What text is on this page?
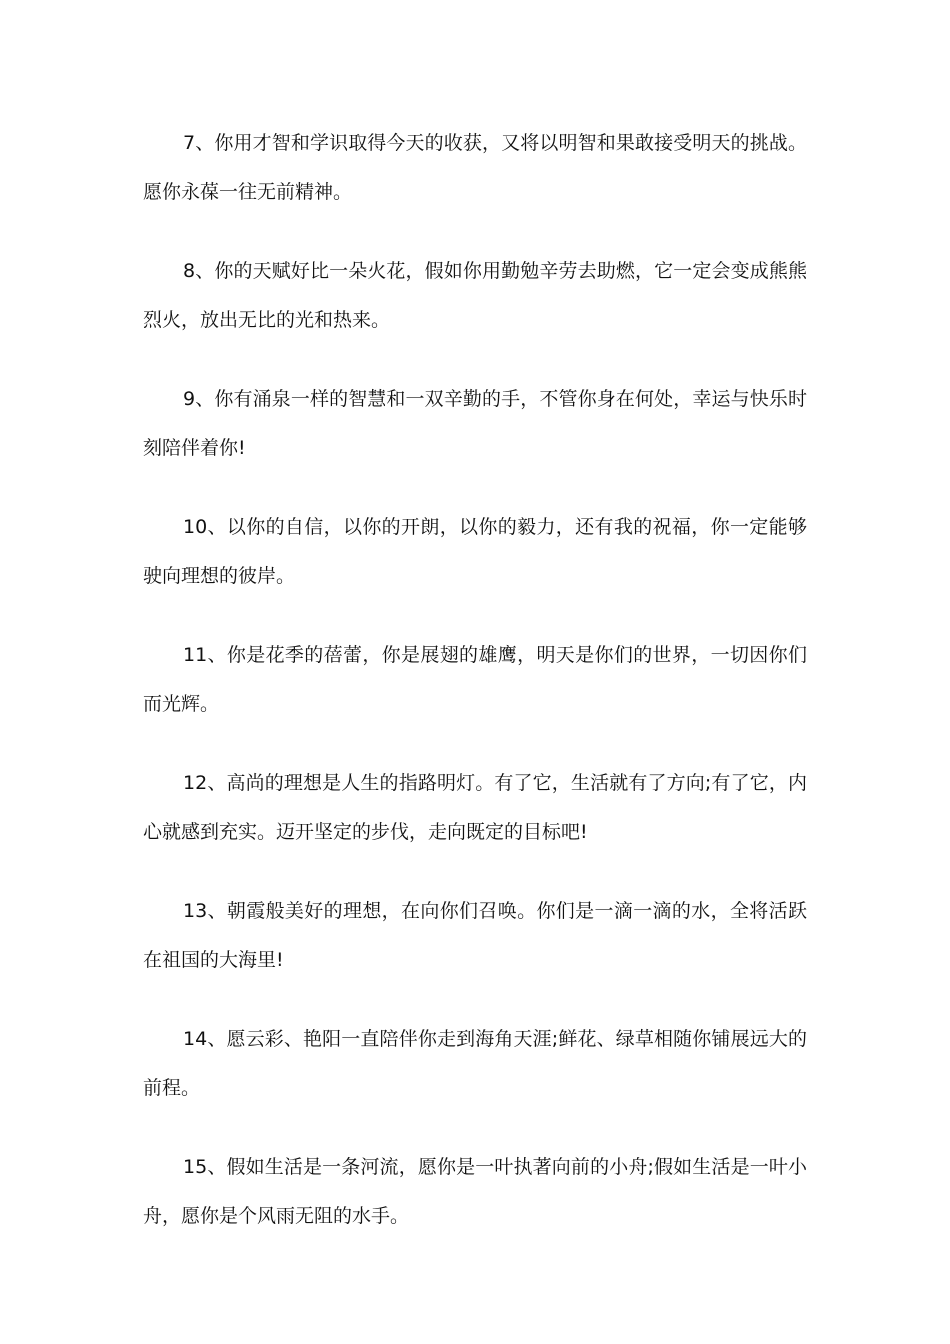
7、你用才智和学识取得今天的收获，又将以明智和果敢接受明天的挑战。愿你永葆一往无前精神。

8、你的天赋好比一朵火花，假如你用勤勉辛劳去助燃，它一定会变成熊熊烈火，放出无比的光和热来。

9、你有涌泉一样的智慧和一双辛勤的手，不管你身在何处，幸运与快乐时刻陪伴着你!

10、以你的自信，以你的开朗，以你的毅力，还有我的祝福，你一定能够驶向理想的彼岸。

11、你是花季的蓓蕾，你是展翅的雄鹰，明天是你们的世界，一切因你们而光辉。

12、高尚的理想是人生的指路明灯。有了它，生活就有了方向;有了它，内心就感到充实。迈开坚定的步伐，走向既定的目标吧!

13、朝霞般美好的理想，在向你们召唤。你们是一滴一滴的水，全将活跃在祖国的大海里!

14、愿云彩、艳阳一直陪伴你走到海角天涯;鲜花、绿草相随你铺展远大的前程。

15、假如生活是一条河流，愿你是一叶执著向前的小舟;假如生活是一叶小舟，愿你是个风雨无阻的水手。
